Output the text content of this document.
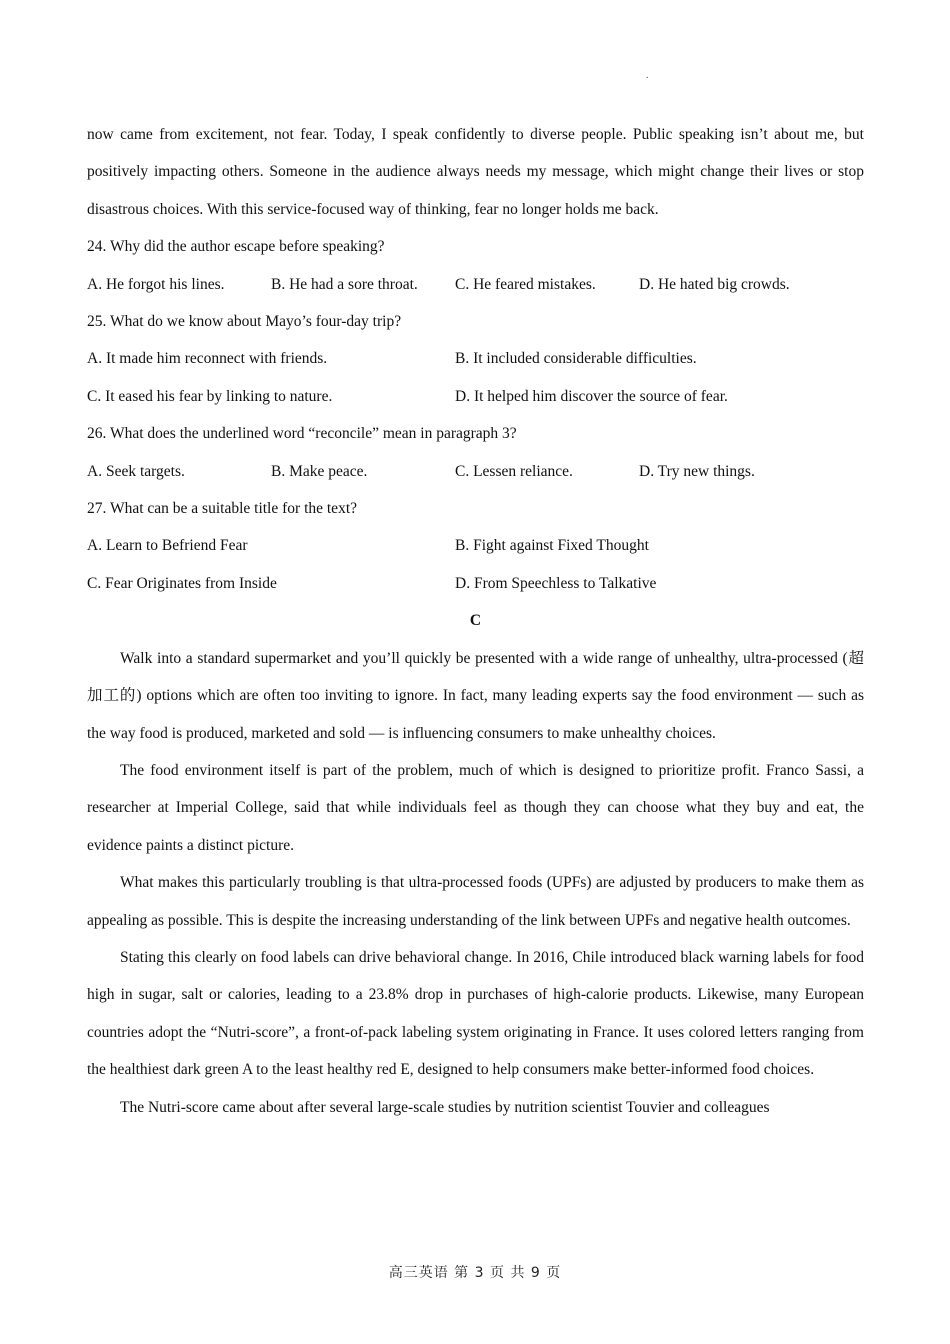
.

now came from excitement, not fear. Today, I speak confidently to diverse people. Public speaking isn’t about me, but positively impacting others. Someone in the audience always needs my message, which might change their lives or stop disastrous choices. With this service-focused way of thinking, fear no longer holds me back.

24. Why did the author escape before speaking?

A. He forgot his lines.	B. He had a sore throat.	C. He feared mistakes.	D. He hated big crowds.

25. What do we know about Mayo’s four-day trip?

A. It made him reconnect with friends.	B. It included considerable difficulties.
C. It eased his fear by linking to nature.	D. It helped him discover the source of fear.

26. What does the underlined word “reconcile” mean in paragraph 3?

A. Seek targets.	B. Make peace.	C. Lessen reliance.	D. Try new things.

27. What can be a suitable title for the text?

A. Learn to Befriend Fear	B. Fight against Fixed Thought
C. Fear Originates from Inside	D. From Speechless to Talkative

C

Walk into a standard supermarket and you’ll quickly be presented with a wide range of unhealthy, ultra-processed (超加工的) options which are often too inviting to ignore. In fact, many leading experts say the food environment — such as the way food is produced, marketed and sold — is influencing consumers to make unhealthy choices.

The food environment itself is part of the problem, much of which is designed to prioritize profit. Franco Sassi, a researcher at Imperial College, said that while individuals feel as though they can choose what they buy and eat, the evidence paints a distinct picture.

What makes this particularly troubling is that ultra-processed foods (UPFs) are adjusted by producers to make them as appealing as possible. This is despite the increasing understanding of the link between UPFs and negative health outcomes.

Stating this clearly on food labels can drive behavioral change. In 2016, Chile introduced black warning labels for food high in sugar, salt or calories, leading to a 23.8% drop in purchases of high-calorie products. Likewise, many European countries adopt the “Nutri-score”, a front-of-pack labeling system originating in France. It uses colored letters ranging from the healthiest dark green A to the least healthy red E, designed to help consumers make better-informed food choices.

The Nutri-score came about after several large-scale studies by nutrition scientist Touvier and colleagues

高三英语 第 3 页 共 9 页
